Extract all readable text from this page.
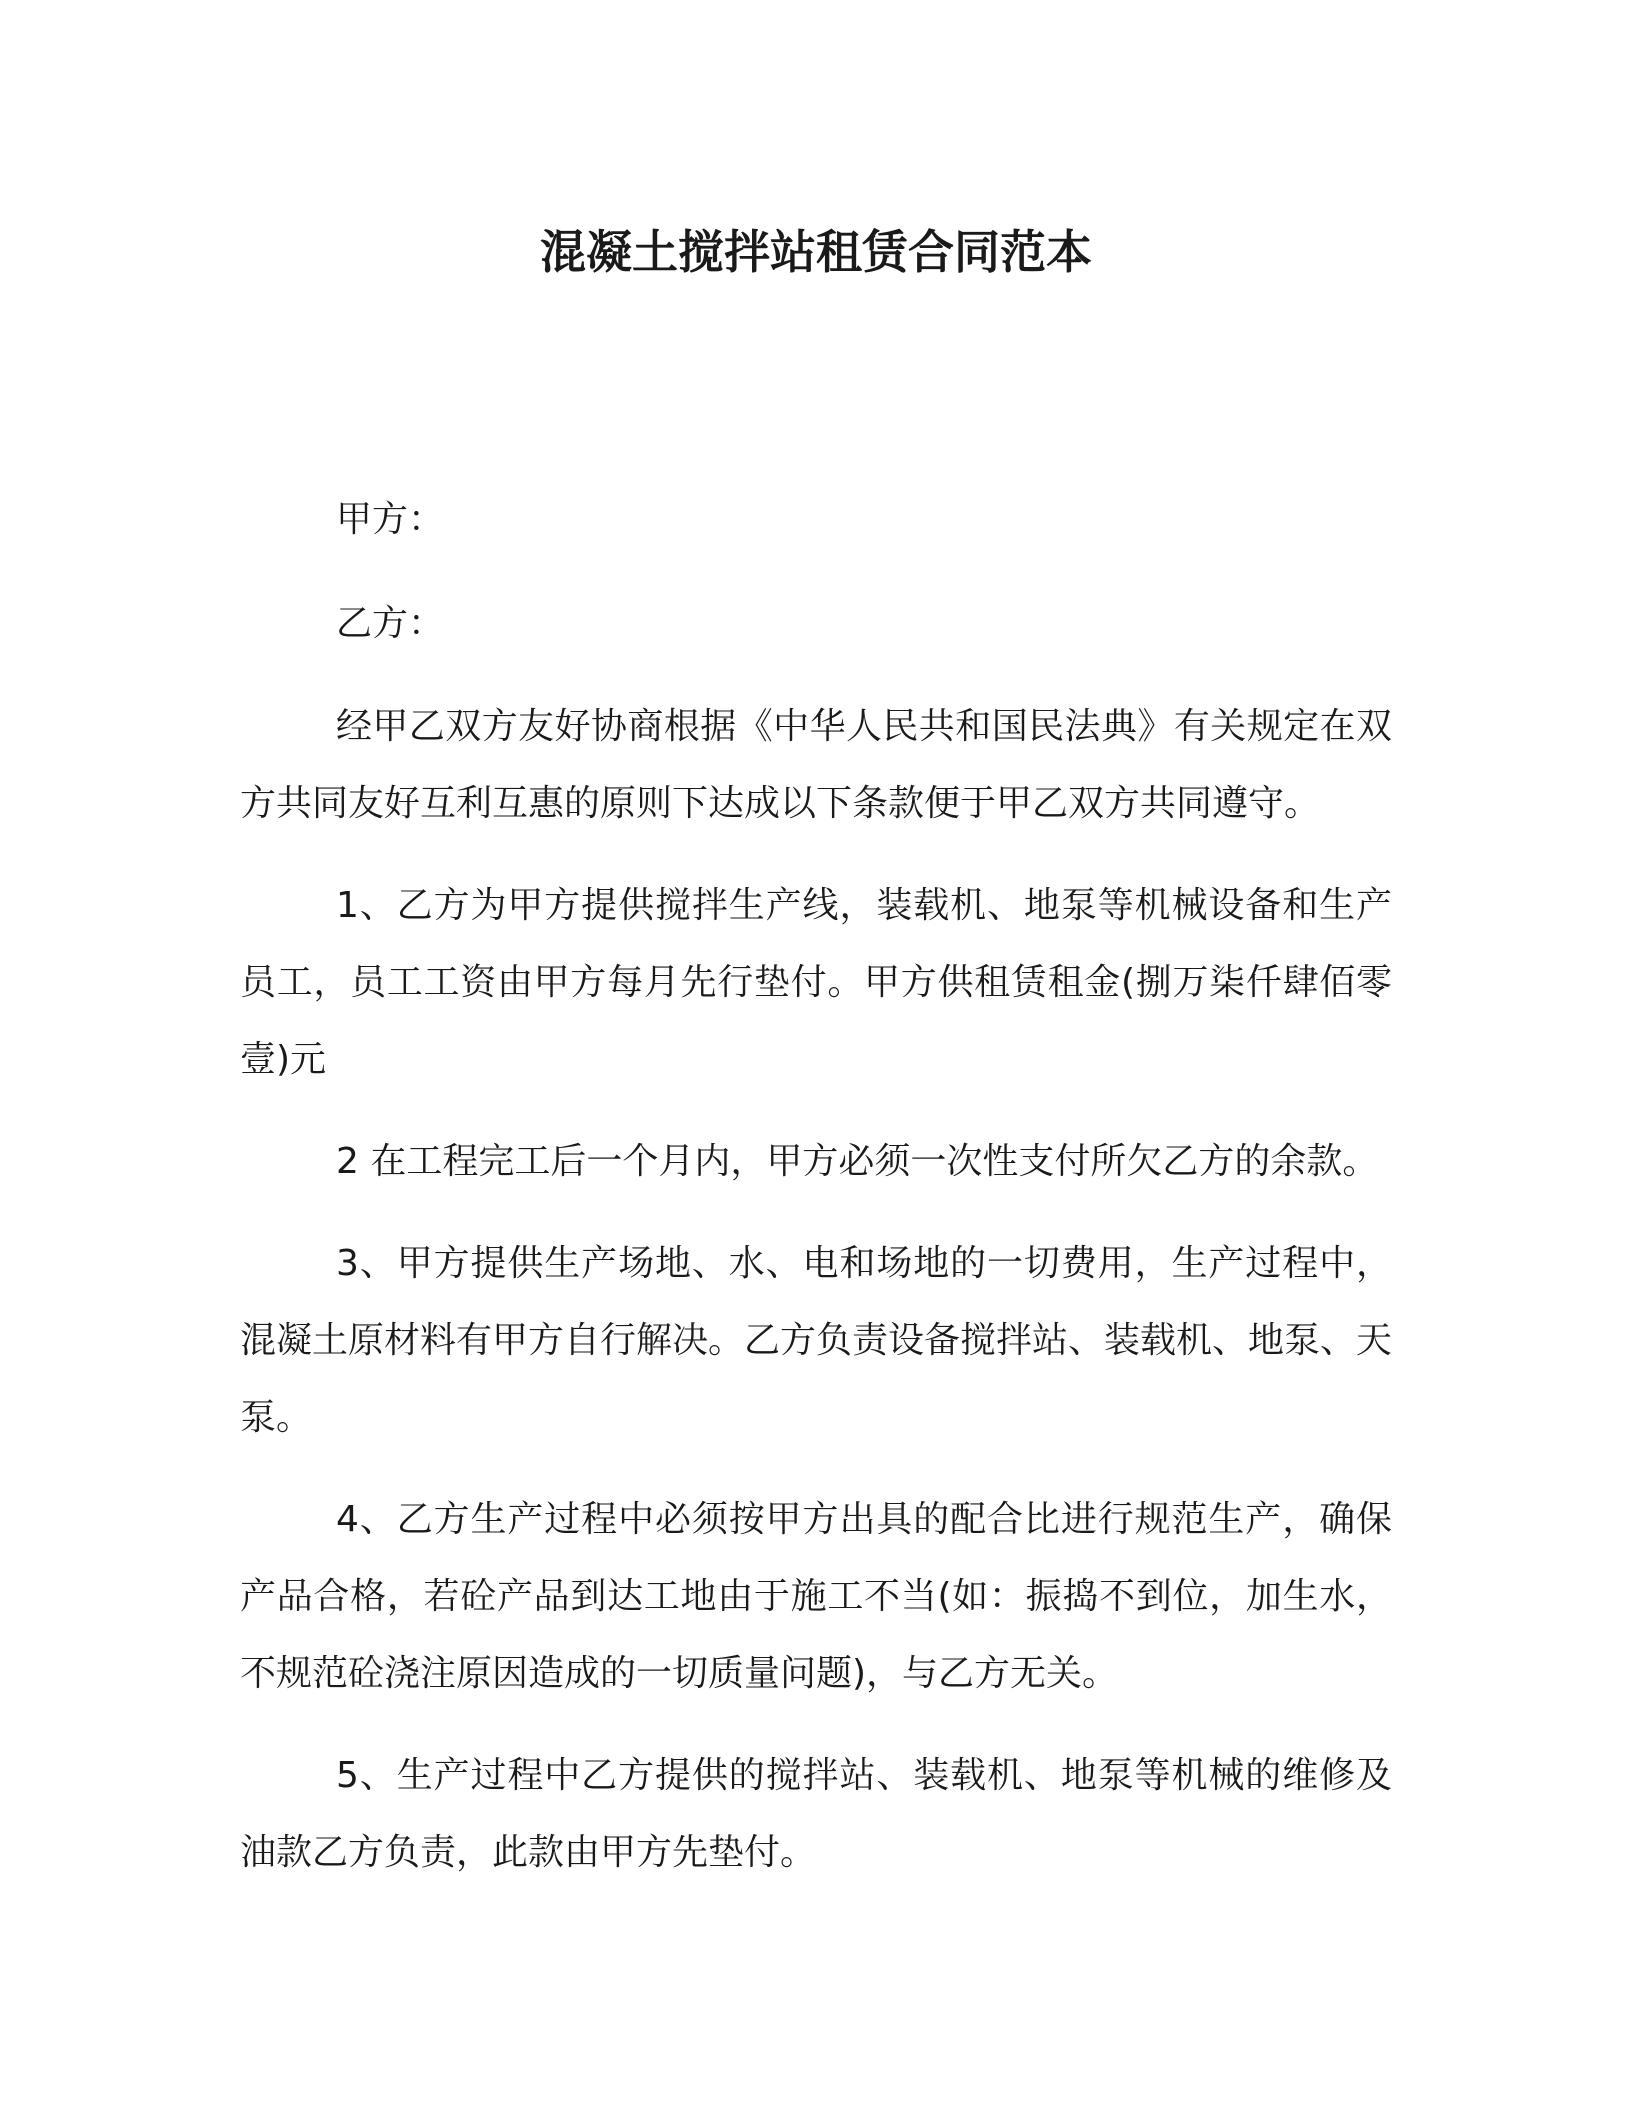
混凝土搅拌站租赁合同范本
甲方：
乙方：

经甲乙双方友好协商根据《中华人民共和国民法典》有关规定在双方共同友好互利互惠的原则下达成以下条款便于甲乙双方共同遵守。

1、乙方为甲方提供搅拌生产线，装载机、地泵等机械设备和生产员工，员工工资由甲方每月先行垫付。甲方供租赁租金(捌万柒仟肆佰零壹)元

2 在工程完工后一个月内，甲方必须一次性支付所欠乙方的余款。

3、甲方提供生产场地、水、电和场地的一切费用，生产过程中，混凝土原材料有甲方自行解决。乙方负责设备搅拌站、装载机、地泵、天泵。

4、乙方生产过程中必须按甲方出具的配合比进行规范生产，确保产品合格，若砼产品到达工地由于施工不当(如：振捣不到位，加生水，不规范砼浇注原因造成的一切质量问题)，与乙方无关。

5、生产过程中乙方提供的搅拌站、装载机、地泵等机械的维修及油款乙方负责，此款由甲方先垫付。
